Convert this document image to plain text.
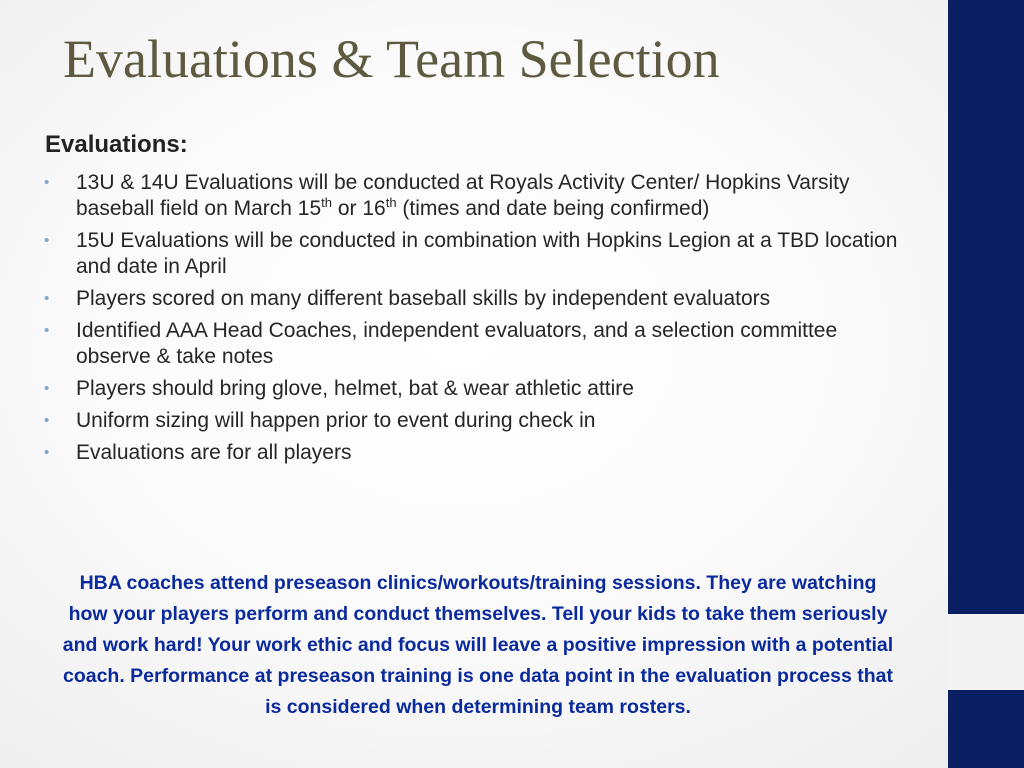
Evaluations & Team Selection
Evaluations:
• 13U & 14U Evaluations will be conducted at Royals Activity Center/ Hopkins Varsity baseball field on March 15th or 16th (times and date being confirmed)
• 15U Evaluations will be conducted in combination with Hopkins Legion at a TBD location and date in April
• Players scored on many different baseball skills by independent evaluators
• Identified AAA Head Coaches, independent evaluators, and a selection committee observe & take notes
• Players should bring glove, helmet, bat & wear athletic attire
• Uniform sizing will happen prior to event during check in
• Evaluations are for all players

HBA coaches attend preseason clinics/workouts/training sessions. They are watching how your players perform and conduct themselves. Tell your kids to take them seriously and work hard! Your work ethic and focus will leave a positive impression with a potential coach. Performance at preseason training is one data point in the evaluation process that is considered when determining team rosters.
